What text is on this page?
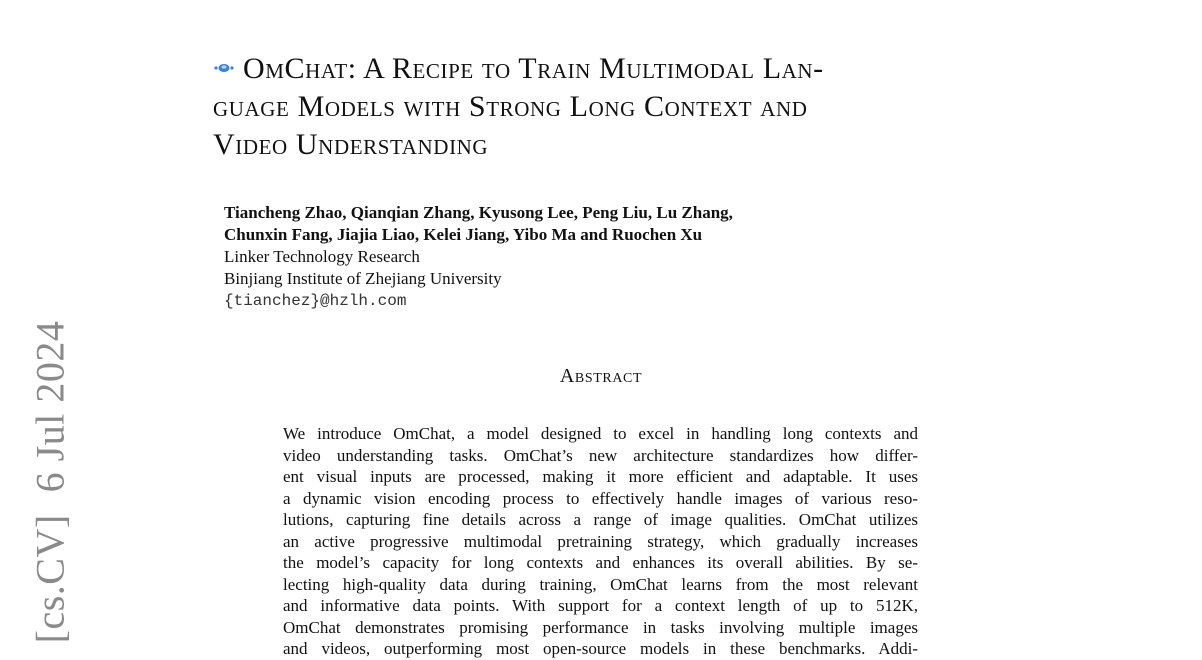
[cs.CV]6 Jul 2024
OmChat: A Recipe to Train Multimodal Lan-
guage Models with Strong Long Context and
Video Understanding
Tiancheng Zhao, Qianqian Zhang, Kyusong Lee, Peng Liu, Lu Zhang,
Chunxin Fang, Jiajia Liao, Kelei Jiang, Yibo Ma and Ruochen Xu
Linker Technology Research
Binjiang Institute of Zhejiang University
{tianchez}@hzlh.com
Abstract
We introduce OmChat, a model designed to excel in handling long contexts and
video understanding tasks. OmChat’s new architecture standardizes how differ-
ent visual inputs are processed, making it more efficient and adaptable. It uses
a dynamic vision encoding process to effectively handle images of various reso-
lutions, capturing fine details across a range of image qualities. OmChat utilizes
an active progressive multimodal pretraining strategy, which gradually increases
the model’s capacity for long contexts and enhances its overall abilities. By se-
lecting high-quality data during training, OmChat learns from the most relevant
and informative data points. With support for a context length of up to 512K,
OmChat demonstrates promising performance in tasks involving multiple images
and videos, outperforming most open-source models in these benchmarks. Addi-
